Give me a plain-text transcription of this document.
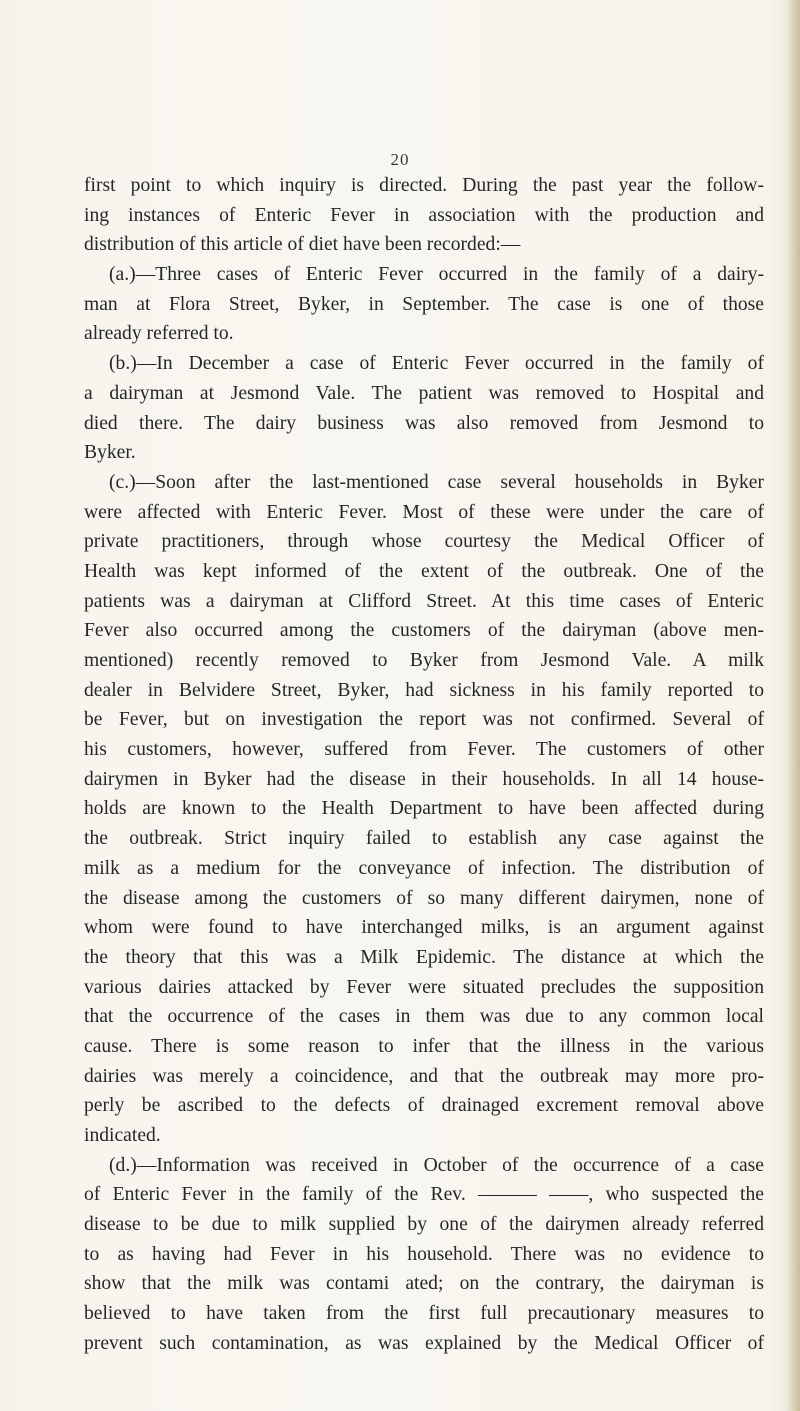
20
first point to which inquiry is directed. During the past year the follow-
ing instances of Enteric Fever in association with the production and
distribution of this article of diet have been recorded:—
(a.)—Three cases of Enteric Fever occurred in the family of a dairy-
man at Flora Street, Byker, in September. The case is one of those
already referred to.
(b.)—In December a case of Enteric Fever occurred in the family of
a dairyman at Jesmond Vale. The patient was removed to Hospital and
died there. The dairy business was also removed from Jesmond to
Byker.
(c.)—Soon after the last-mentioned case several households in Byker
were affected with Enteric Fever. Most of these were under the care of
private practitioners, through whose courtesy the Medical Officer of
Health was kept informed of the extent of the outbreak. One of the
patients was a dairyman at Clifford Street. At this time cases of Enteric
Fever also occurred among the customers of the dairyman (above men-
mentioned) recently removed to Byker from Jesmond Vale. A milk
dealer in Belvidere Street, Byker, had sickness in his family reported to
be Fever, but on investigation the report was not confirmed. Several of
his customers, however, suffered from Fever. The customers of other
dairymen in Byker had the disease in their households. In all 14 house-
holds are known to the Health Department to have been affected during
the outbreak. Strict inquiry failed to establish any case against the
milk as a medium for the conveyance of infection. The distribution of
the disease among the customers of so many different dairymen, none of
whom were found to have interchanged milks, is an argument against
the theory that this was a Milk Epidemic. The distance at which the
various dairies attacked by Fever were situated precludes the supposition
that the occurrence of the cases in them was due to any common local
cause. There is some reason to infer that the illness in the various
dairies was merely a coincidence, and that the outbreak may more pro-
perly be ascribed to the defects of drainaged excrement removal above
indicated.
(d.)—Information was received in October of the occurrence of a case
of Enteric Fever in the family of the Rev. ——— ——, who suspected the
disease to be due to milk supplied by one of the dairymen already referred
to as having had Fever in his household. There was no evidence to
show that the milk was contami ated; on the contrary, the dairyman is
believed to have taken from the first full precautionary measures to
prevent such contamination, as was explained by the Medical Officer of
